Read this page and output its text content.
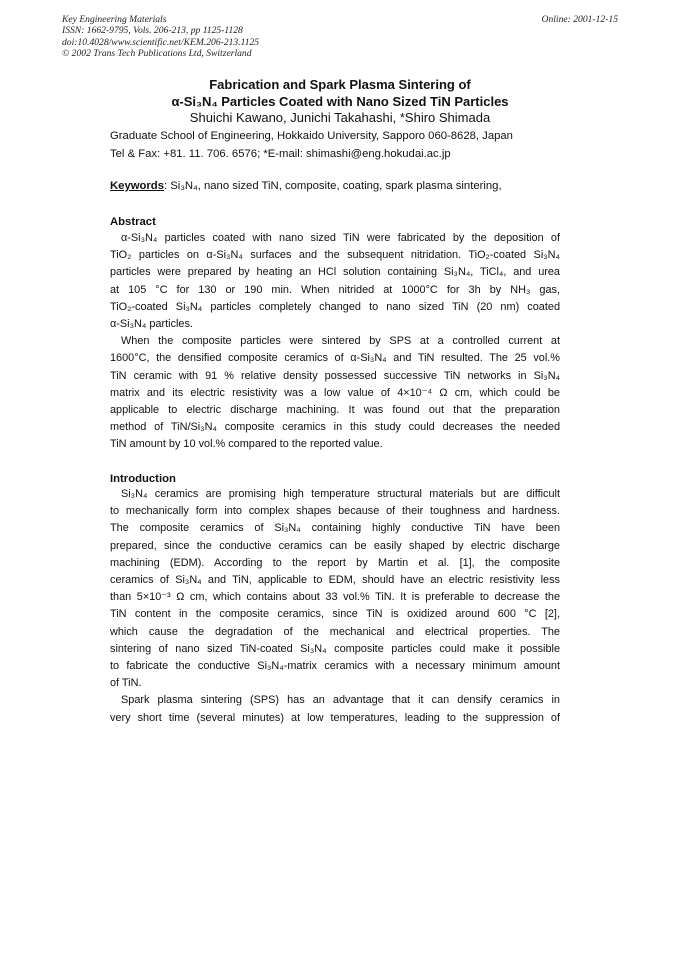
Key Engineering Materials
ISSN: 1662-9795, Vols. 206-213, pp 1125-1128
doi:10.4028/www.scientific.net/KEM.206-213.1125
© 2002 Trans Tech Publications Ltd, Switzerland
Online: 2001-12-15
Fabrication and Spark Plasma Sintering of
α-Si₃N₄ Particles Coated with Nano Sized TiN Particles
Shuichi Kawano, Junichi Takahashi, *Shiro Shimada
Graduate School of Engineering, Hokkaido University, Sapporo 060-8628, Japan
Tel & Fax: +81. 11. 706. 6576; *E-mail: shimashi@eng.hokudai.ac.jp
Keywords: Si₃N₄, nano sized TiN, composite, coating, spark plasma sintering,
Abstract
α-Si₃N₄ particles coated with nano sized TiN were fabricated by the deposition of
TiO₂ particles on α-Si₃N₄ surfaces and the subsequent nitridation. TiO₂-coated Si₃N₄
particles were prepared by heating an HCl solution containing Si₃N₄, TiCl₄, and urea
at 105 °C for 130 or 190 min. When nitrided at 1000°C for 3h by NH₃ gas,
TiO₂-coated Si₃N₄ particles completely changed to nano sized TiN (20 nm) coated
α-Si₃N₄ particles.
When the composite particles were sintered by SPS at a controlled current at
1600°C, the densified composite ceramics of α-Si₃N₄ and TiN resulted. The 25 vol.%
TiN ceramic with 91 % relative density possessed successive TiN networks in Si₃N₄
matrix and its electric resistivity was a low value of 4×10⁻⁴ Ω cm, which could be
applicable to electric discharge machining. It was found out that the preparation
method of TiN/Si₃N₄ composite ceramics in this study could decreases the needed
TiN amount by 10 vol.% compared to the reported value.
Introduction
Si₃N₄ ceramics are promising high temperature structural materials but are difficult
to mechanically form into complex shapes because of their toughness and hardness.
The composite ceramics of Si₃N₄ containing highly conductive TiN have been
prepared, since the conductive ceramics can be easily shaped by electric discharge
machining (EDM). According to the report by Martin et al. [1], the composite
ceramics of Si₃N₄ and TiN, applicable to EDM, should have an electric resistivity less
than 5×10⁻³ Ω cm, which contains about 33 vol.% TiN. It is preferable to decrease the
TiN content in the composite ceramics, since TiN is oxidized around 600 °C [2],
which cause the degradation of the mechanical and electrical properties. The
sintering of nano sized TiN-coated Si₃N₄ composite particles could make it possible
to fabricate the conductive Si₃N₄-matrix ceramics with a necessary minimum amount
of TiN.
Spark plasma sintering (SPS) has an advantage that it can densify ceramics in
very short time (several minutes) at low temperatures, leading to the suppression of
